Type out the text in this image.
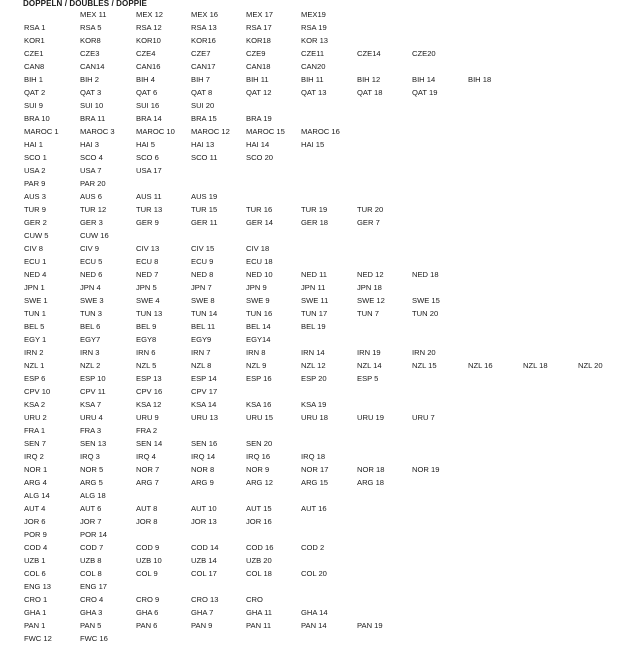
DOPPELN / DOUBLES / DOPPIE
MEX 11	MEX 12	MEX 16	MEX 17	MEX19
RSA 1	RSA 5	RSA 12	RSA 13	RSA 17	RSA 19
KOR1	KOR8	KOR10	KOR16	KOR18	KOR 13
CZE1	CZE3	CZE4	CZE7	CZE9	CZE11	CZE14	CZE20
CAN8	CAN14	CAN16	CAN17	CAN18	CAN20
BIH 1	BIH 2	BIH 4	BIH 7	BIH 11	BIH 11	BIH 12	BIH 14	BIH 18
QAT 2	QAT 3	QAT 6	QAT 8	QAT 12	QAT 13	QAT 18	QAT 19
SUI 9	SUI 10	SUI 16	SUI 20
BRA 10	BRA 11	BRA 14	BRA 15	BRA 19
MAROC 1	MAROC 3	MAROC 10 MAROC 12 MAROC 15 MAROC 16
HAI 1	HAI 3	HAI 5	HAI 13	HAI 14	HAI 15
SCO 1	SCO 4	SCO 6	SCO 11	SCO 20
USA 2	USA 7	USA 17
PAR 9	PAR 20
AUS 3	AUS 6	AUS 11	AUS 19
TUR 9	TUR 12	TUR 13	TUR 15	TUR 16	TUR 19	TUR 20
GER 2	GER 3	GER 9	GER 11	GER 14	GER 18	GER 7
CUW 5	CUW 16
CIV 8	CIV 9	CIV 13	CIV 15	CIV 18
ECU 1	ECU 5	ECU 8	ECU 9	ECU 18
NED 4	NED 6	NED 7	NED 8	NED 10	NED 11	NED 12	NED 18
JPN 1	JPN 4	JPN 5	JPN 7	JPN 9	JPN 11	JPN 18
SWE 1	SWE 3	SWE 4	SWE 8	SWE 9	SWE 11	SWE 12	SWE 15
TUN 1	TUN 3	TUN 13	TUN 14	TUN 16	TUN 17	TUN 7	TUN 20
BEL 5	BEL 6	BEL 9	BEL 11	BEL 14	BEL 19
EGY 1	EGY7	EGY8	EGY9	EGY14
IRN 2	IRN 3	IRN 6	IRN 7	IRN 8	IRN 14	IRN 19	IRN 20
NZL 1	NZL 2	NZL 5	NZL 8	NZL 9	NZL 12	NZL 14	NZL 15	NZL 16	NZL 18	NZL 20
ESP 6	ESP 10	ESP 13	ESP 14	ESP 16	ESP 20	ESP 5
CPV 10	CPV 11	CPV 16	CPV 17
KSA 2	KSA 7	KSA 12	KSA 14	KSA 16	KSA 19
URU 2	URU 4	URU 9	URU 13	URU 15	URU 18	URU 19	URU 7
FRA 1	FRA 3	FRA 2
SEN 7	SEN 13	SEN 14	SEN 16	SEN 20
IRQ 2	IRQ 3	IRQ 4	IRQ 14	IRQ 16	IRQ 18
NOR 1	NOR 5	NOR 7	NOR 8	NOR 9	NOR 17	NOR 18	NOR 19
ARG 4	ARG 5	ARG 7	ARG 9	ARG 12	ARG 15	ARG 18
ALG 14	ALG 18
AUT 4	AUT 6	AUT 8	AUT 10	AUT 15	AUT 16
JOR 6	JOR 7	JOR 8	JOR 13	JOR 16
POR 9	POR 14
COD 4	COD 7	COD 9	COD 14	COD 16	COD 2
UZB 1	UZB 8	UZB 10	UZB 14	UZB 20
COL 6	COL 8	COL 9	COL 17	COL 18	COL 20
ENG 13	ENG 17
CRO 1	CRO 4	CRO 9	CRO 13	CRO
GHA 1	GHA 3	GHA 6	GHA 7	GHA 11	GHA 14
PAN 1	PAN 5	PAN 6	PAN 9	PAN 11	PAN 14	PAN 19
FWC 12	FWC 16
